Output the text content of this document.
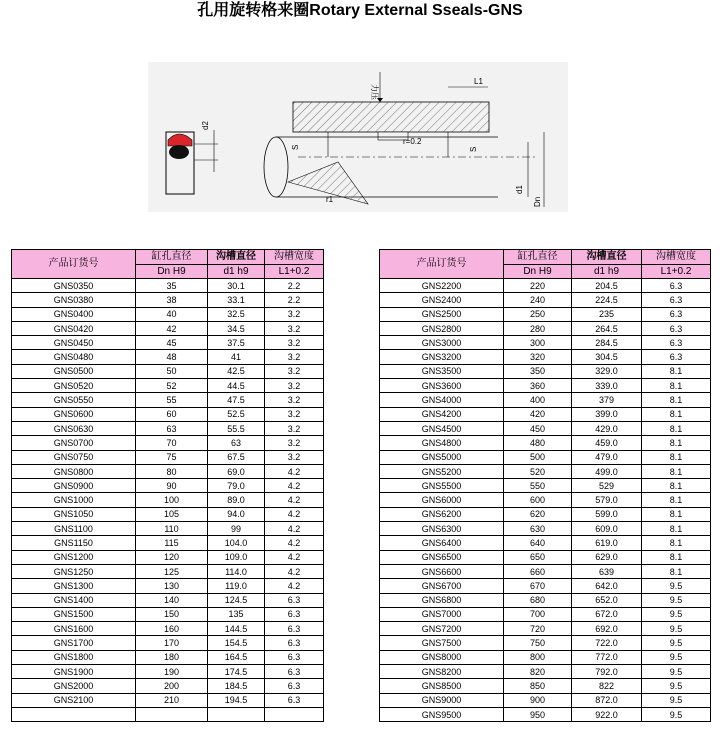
孔用旋转格来圈Rotary External Sseals-GNS
d2
力压
L1
S
r=0.2
S
d1
Dn
r1
产品订货号	缸孔直径	沟槽直径	沟槽宽度
	Dn H9	d1 h9	L1+0.2
GNS0350	35	30.1	2.2
GNS0380	38	33.1	2.2
GNS0400	40	32.5	3.2
GNS0420	42	34.5	3.2
GNS0450	45	37.5	3.2
GNS0480	48	41	3.2
GNS0500	50	42.5	3.2
GNS0520	52	44.5	3.2
GNS0550	55	47.5	3.2
GNS0600	60	52.5	3.2
GNS0630	63	55.5	3.2
GNS0700	70	63	3.2
GNS0750	75	67.5	3.2
GNS0800	80	69.0	4.2
GNS0900	90	79.0	4.2
GNS1000	100	89.0	4.2
GNS1050	105	94.0	4.2
GNS1100	110	99	4.2
GNS1150	115	104.0	4.2
GNS1200	120	109.0	4.2
GNS1250	125	114.0	4.2
GNS1300	130	119.0	4.2
GNS1400	140	124.5	6.3
GNS1500	150	135	6.3
GNS1600	160	144.5	6.3
GNS1700	170	154.5	6.3
GNS1800	180	164.5	6.3
GNS1900	190	174.5	6.3
GNS2000	200	184.5	6.3
GNS2100	210	194.5	6.3

产品订货号	缸孔直径	沟槽直径	沟槽宽度
	Dn H9	d1 h9	L1+0.2
GNS2200	220	204.5	6.3
GNS2400	240	224.5	6.3
GNS2500	250	235	6.3
GNS2800	280	264.5	6.3
GNS3000	300	284.5	6.3
GNS3200	320	304.5	6.3
GNS3500	350	329.0	8.1
GNS3600	360	339.0	8.1
GNS4000	400	379	8.1
GNS4200	420	399.0	8.1
GNS4500	450	429.0	8.1
GNS4800	480	459.0	8.1
GNS5000	500	479.0	8.1
GNS5200	520	499.0	8.1
GNS5500	550	529	8.1
GNS6000	600	579.0	8.1
GNS6200	620	599.0	8.1
GNS6300	630	609.0	8.1
GNS6400	640	619.0	8.1
GNS6500	650	629.0	8.1
GNS6600	660	639	8.1
GNS6700	670	642.0	9.5
GNS6800	680	652.0	9.5
GNS7000	700	672.0	9.5
GNS7200	720	692.0	9.5
GNS7500	750	722.0	9.5
GNS8000	800	772.0	9.5
GNS8200	820	792.0	9.5
GNS8500	850	822	9.5
GNS9000	900	872.0	9.5
GNS9500	950	922.0	9.5
